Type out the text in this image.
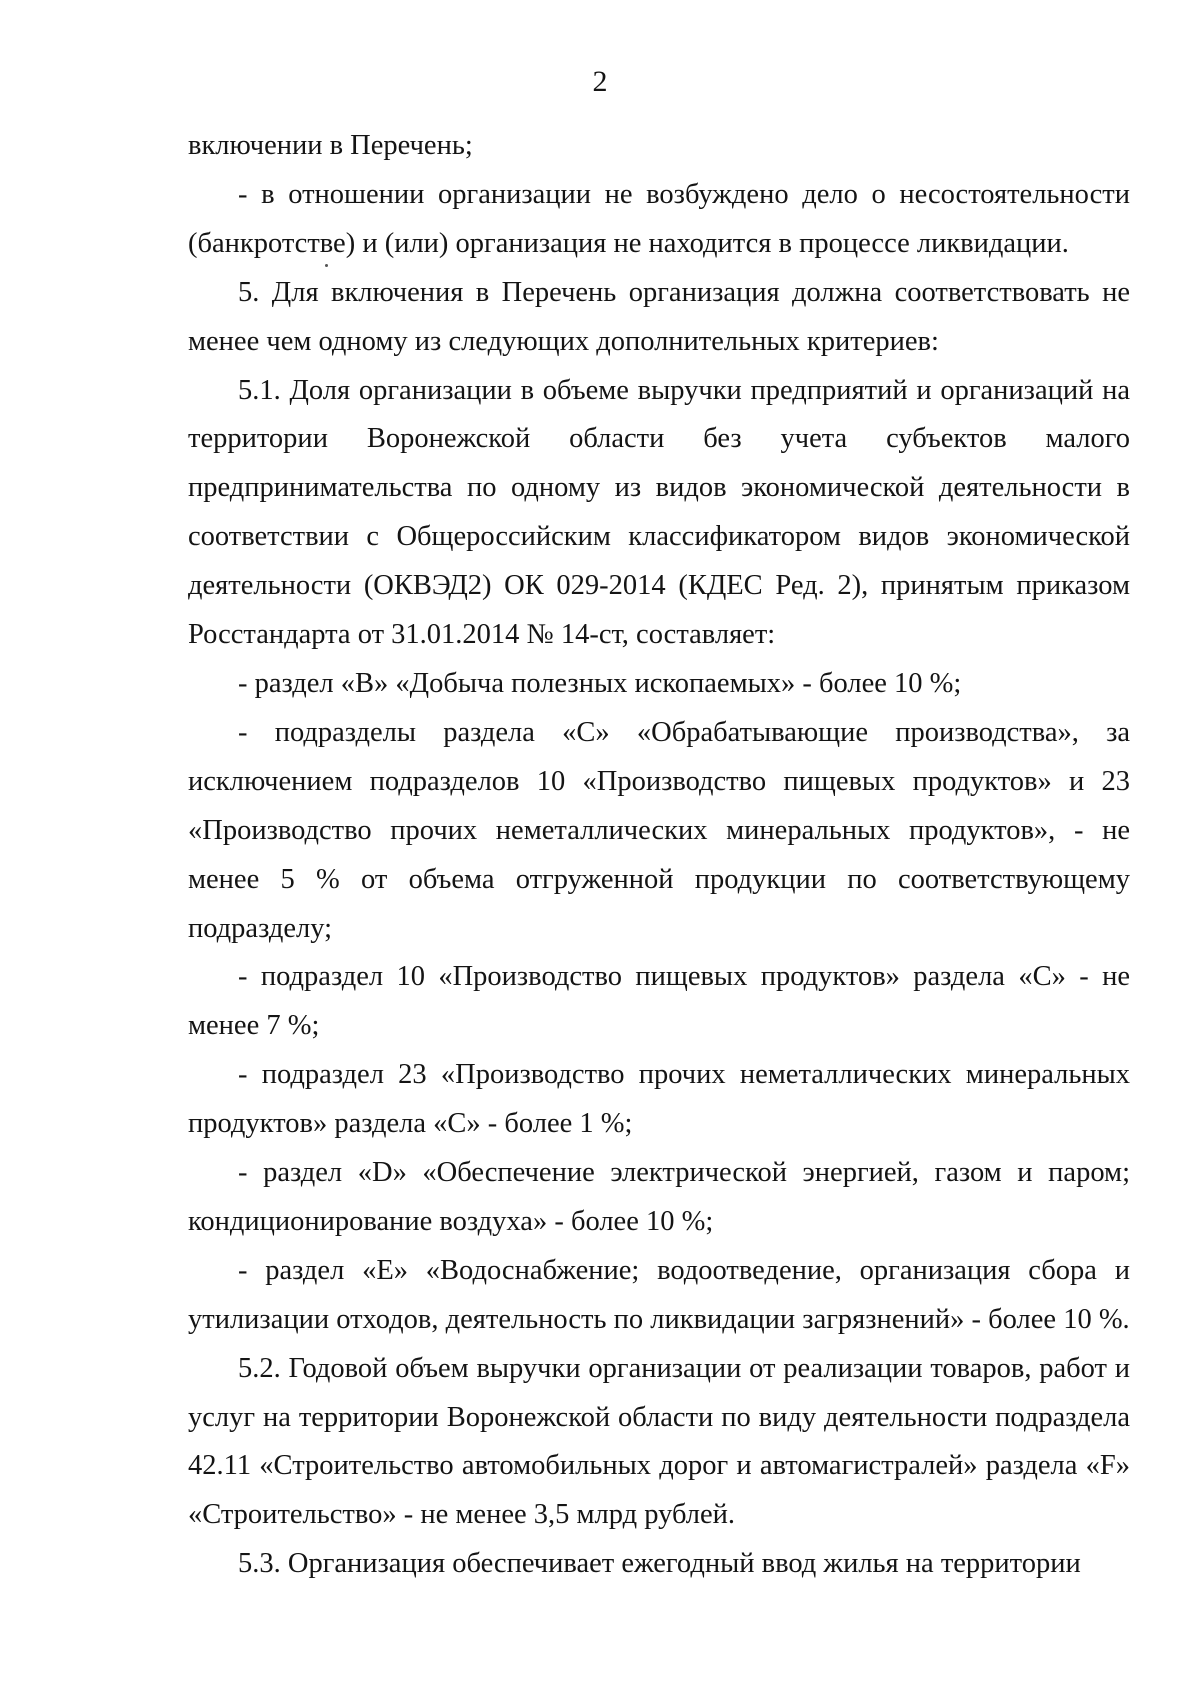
2

включении в Перечень;

- в отношении организации не возбуждено дело о несостоятельности (банкротстве) и (или) организация не находится в процессе ликвидации.

5. Для включения в Перечень организация должна соответствовать не менее чем одному из следующих дополнительных критериев:

5.1. Доля организации в объеме выручки предприятий и организаций на территории Воронежской области без учета субъектов малого предпринимательства по одному из видов экономической деятельности в соответствии с Общероссийским классификатором видов экономической деятельности (ОКВЭД2) ОК 029-2014 (КДЕС Ред. 2), принятым приказом Росстандарта от 31.01.2014 № 14-ст, составляет:

- раздел «В» «Добыча полезных ископаемых» - более 10 %;

- подразделы раздела «С» «Обрабатывающие производства», за исключением подразделов 10 «Производство пищевых продуктов» и 23 «Производство прочих неметаллических минеральных продуктов», - не менее 5 % от объема отгруженной продукции по соответствующему подразделу;

- подраздел 10 «Производство пищевых продуктов» раздела «С» - не менее 7 %;

- подраздел 23 «Производство прочих неметаллических минеральных продуктов» раздела «С» - более 1 %;

- раздел «D» «Обеспечение электрической энергией, газом и паром; кондиционирование воздуха» - более 10 %;

- раздел «Е» «Водоснабжение; водоотведение, организация сбора и утилизации отходов, деятельность по ликвидации загрязнений» - более 10 %.

5.2. Годовой объем выручки организации от реализации товаров, работ и услуг на территории Воронежской области по виду деятельности подраздела 42.11 «Строительство автомобильных дорог и автомагистралей» раздела «F» «Строительство» - не менее 3,5 млрд рублей.

5.3. Организация обеспечивает ежегодный ввод жилья на территории
